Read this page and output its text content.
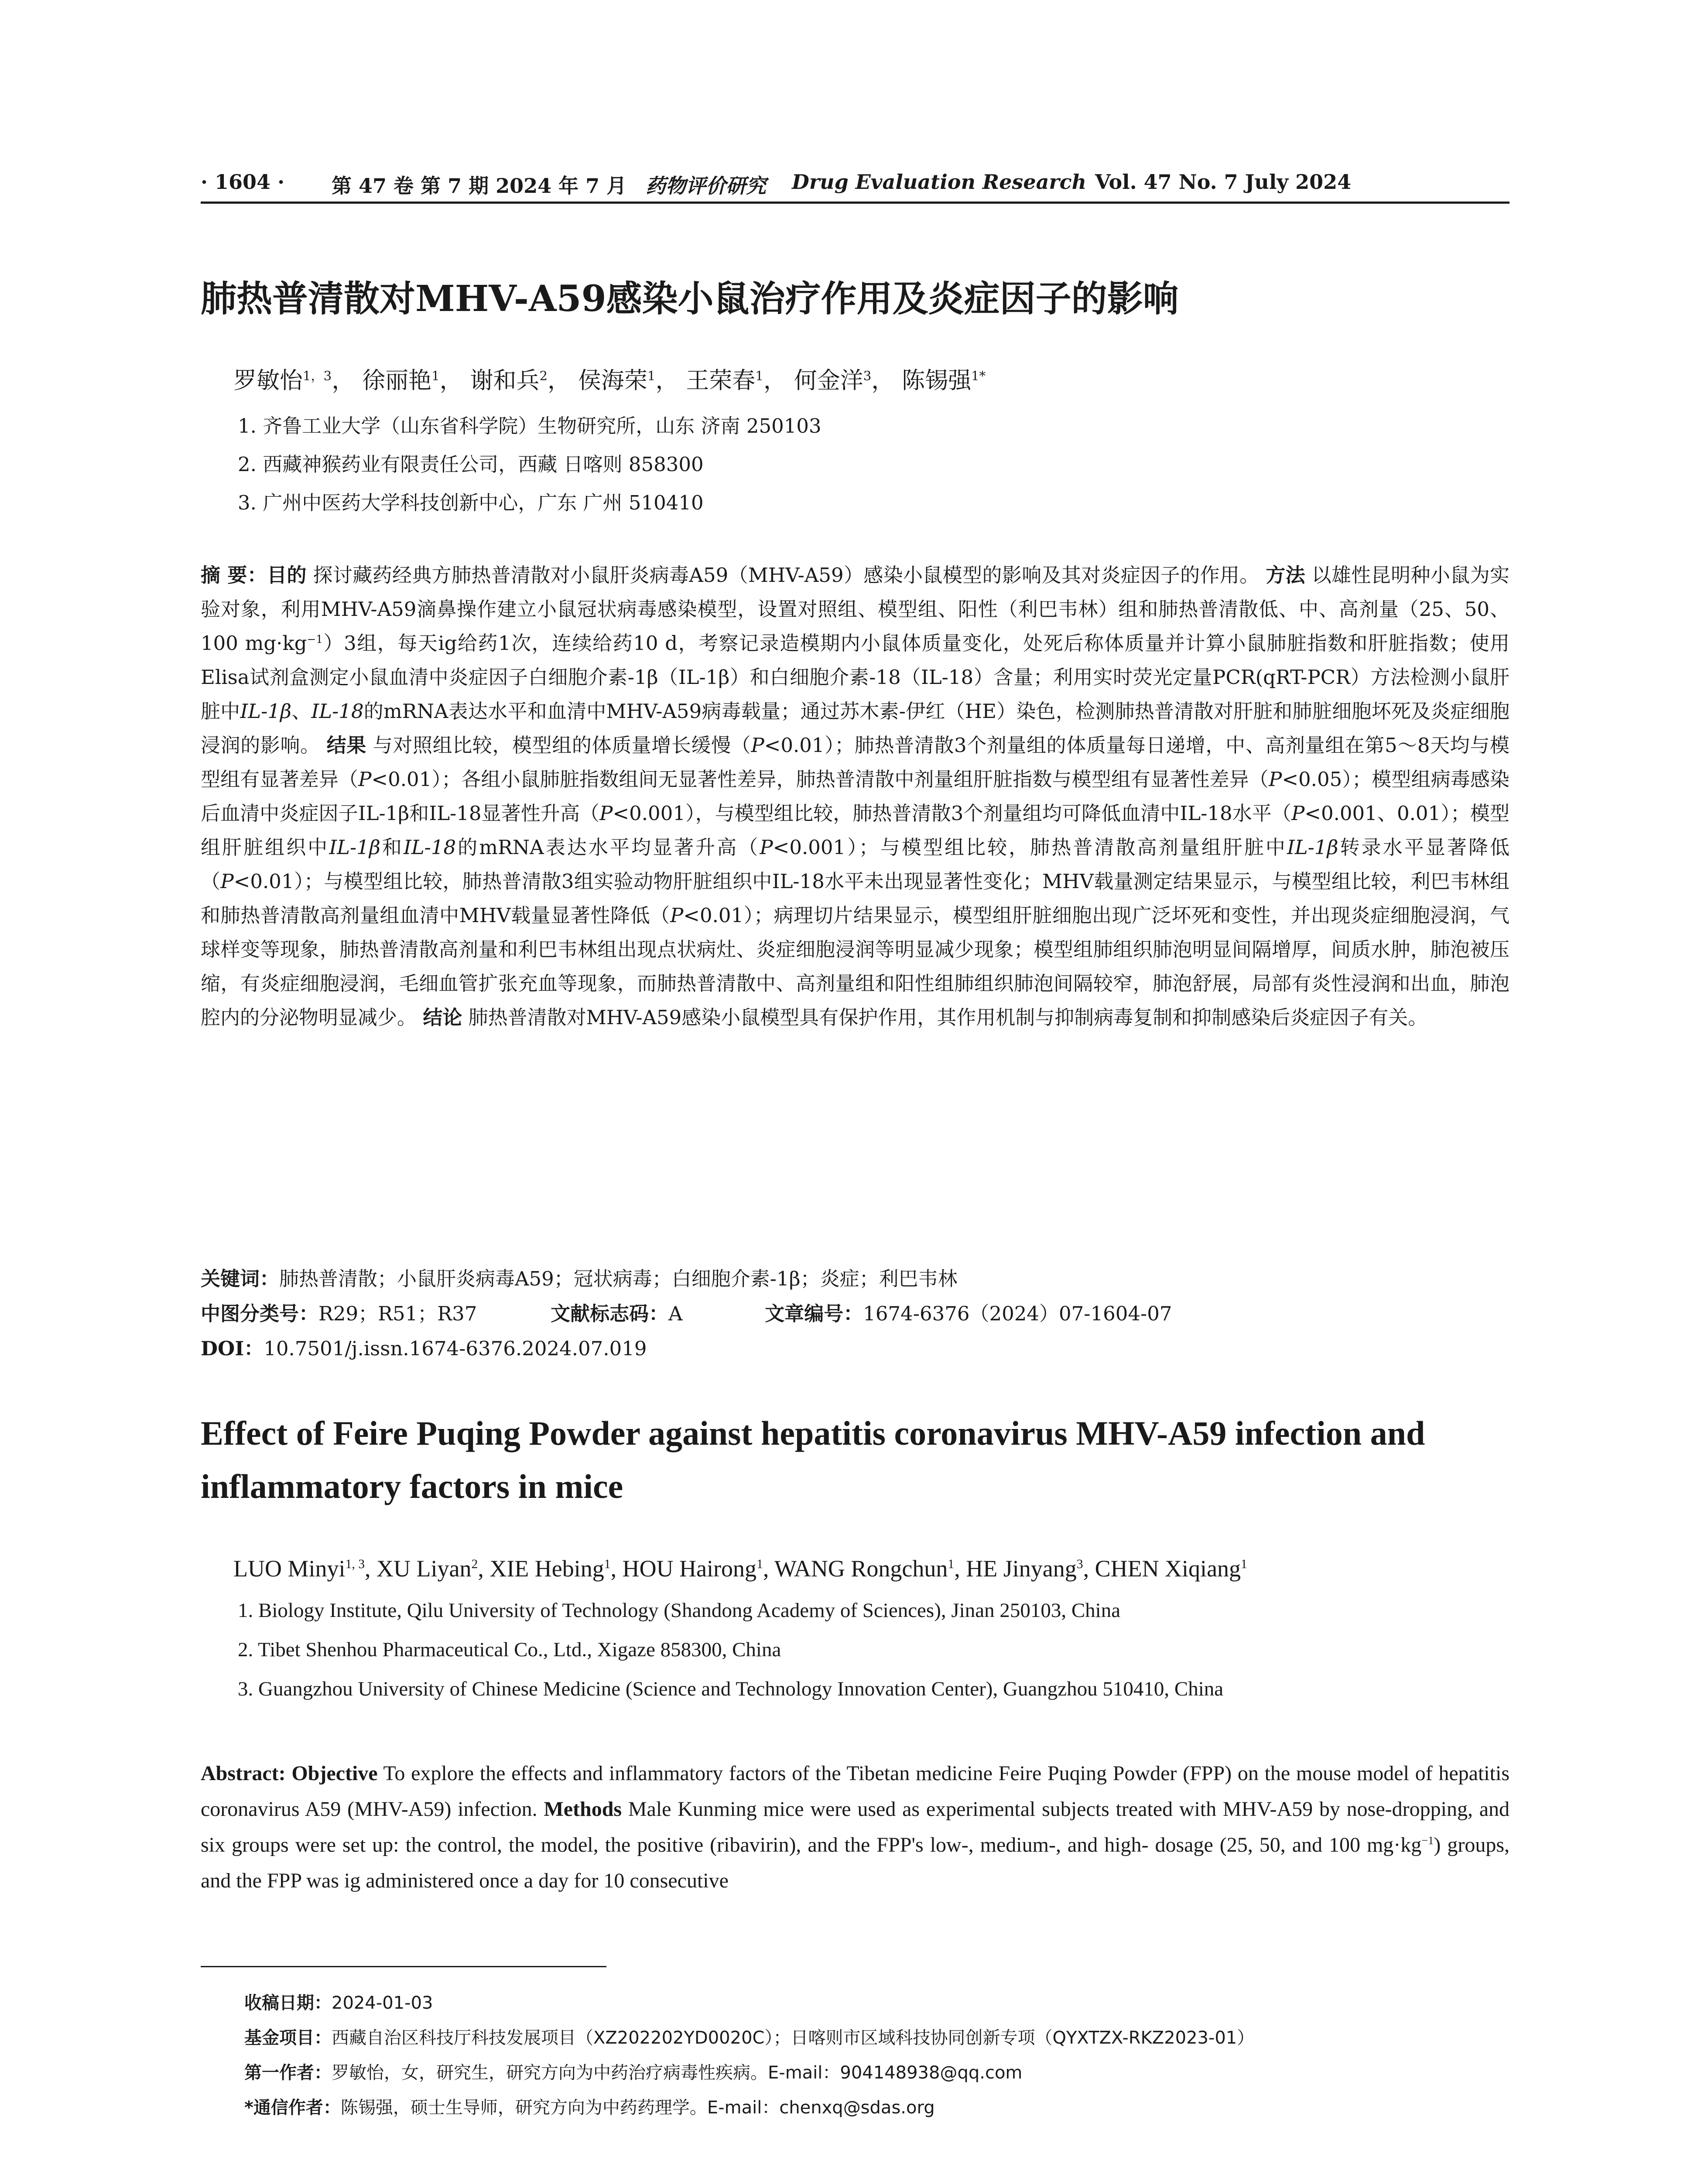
· 1604 · 第 47 卷 第 7 期 2024 年 7 月 药物评价研究 Drug Evaluation Research Vol. 47 No. 7 July 2024
肺热普清散对MHV-A59感染小鼠治疗作用及炎症因子的影响
罗敏怡$^{1,3}$， 徐丽艳$^1$， 谢和兵$^2$， 侯海荣$^1$， 王荣春$^1$， 何金洋$^3$， 陈锡强$^{1*}$
1. 齐鲁工业大学（山东省科学院）生物研究所，山东 济南 250103
2. 西藏神猴药业有限责任公司，西藏 日喀则 858300
3. 广州中医药大学科技创新中心，广东 广州 510410

摘 要：目的 探讨藏药经典方肺热普清散对小鼠肝炎病毒A59（MHV-A59）感染小鼠模型的影响及其对炎症因子的作用。 方法 以雄性昆明种小鼠为实验对象，利用MHV-A59滴鼻操作建立小鼠冠状病毒感染模型，设置对照组、模型组、阳性（利巴韦林）组和肺热普清散低、中、高剂量（25、50、100 $mg\cdot kg^{-1})3$组，每天ig给药1次，连续给药10 d，考察记录造模期内小鼠体质量变化，处死后称体质量并计算小鼠肺脏指数和肝脏指数；使用Elisa试剂盒测定小鼠血清中炎症因子白细胞介素-1β（IL-1β）和白细胞介素-18（IL-18）含量；利用实时荧光定量PCR(qRT-PCR）方法检测小鼠肝脏中IL-1β、IL-18的mRNA表达水平和血清中MHV-A59病毒载量；通过苏木素-伊红（HE）染色，检测肺热普清散对肝脏和肺脏细胞坏死及炎症细胞浸润的影响。 结果 与对照组比较，模型组的体质量增长缓慢（P<0.01）；肺热普清散3个剂量组的体质量每日递增，中、高剂量组在第5～8天均与模型组有显著差异（P<0.01）；各组小鼠肺脏指数组间无显著性差异，肺热普清散中剂量组肝脏指数与模型组有显著性差异（P<0.05）；模型组病毒感染后血清中炎症因子IL-1β和IL-18显著性升高（P<0.001），与模型组比较，肺热普清散3个剂量组均可降低血清中IL-18水平（P<0.001、0.01）；模型组肝脏组织中IL-1β和IL-18的mRNA表达水平均显著升高（P<0.001）；与模型组比较，肺热普清散高剂量组肝脏中IL-1β转录水平显著降低（P<0.01）；与模型组比较，肺热普清散3组实验动物肝脏组织中IL-18水平未出现显著性变化；MHV载量测定结果显示，与模型组比较，利巴韦林组和肺热普清散高剂量组血清中MHV载量显著性降低（P<0.01）；病理切片结果显示，模型组肝脏细胞出现广泛坏死和变性，并出现炎症细胞浸润，气球样变等现象，肺热普清散高剂量和利巴韦林组出现点状病灶、炎症细胞浸润等明显减少现象；模型组肺组织肺泡明显间隔增厚，间质水肿，肺泡被压缩，有炎症细胞浸润，毛细血管扩张充血等现象，而肺热普清散中、高剂量组和阳性组肺组织肺泡间隔较窄，肺泡舒展，局部有炎性浸润和出血，肺泡腔内的分泌物明显减少。 结论 肺热普清散对MHV-A59感染小鼠模型具有保护作用，其作用机制与抑制病毒复制和抑制感染后炎症因子有关。

关键词：肺热普清散；小鼠肝炎病毒A59；冠状病毒；白细胞介素-1β；炎症；利巴韦林
中图分类号：R29；R51；R37	文献标志码：A	文章编号：1674-6376（2024）07-1604-07
DOI：10.7501/j.issn.1674-6376.2024.07.019
Effect of Feire Puqing Powder against hepatitis coronavirus MHV-A59 infection and inflammatory factors in mice
LUO Minyi$^{1, 3}$, XU Liyan$^2$, XIE Hebing$^1$, HOU Hairong$^1$, WANG Rongchun$^1$, HE Jinyang$^3$, CHEN Xiqiang$^1$
1. Biology Institute, Qilu University of Technology (Shandong Academy of Sciences), Jinan 250103, China
2. Tibet Shenhou Pharmaceutical Co., Ltd., Xigaze 858300, China
3. Guangzhou University of Chinese Medicine (Science and Technology Innovation Center), Guangzhou 510410, China

Abstract: Objective To explore the effects and inflammatory factors of the Tibetan medicine Feire Puqing Powder (FPP) on the mouse model of hepatitis coronavirus A59 (MHV-A59) infection. Methods Male Kunming mice were used as experimental subjects treated with MHV-A59 by nose-dropping, and six groups were set up: the control, the model, the positive (ribavirin), and the FPP's low-, medium-, and high- dosage (25, 50, and 100 $mg\cdot kg^{-1}$) groups, and the FPP was ig administered once a day for 10 consecutive

收稿日期：2024-01-03
基金项目：西藏自治区科技厅科技发展项目（XZ202202YD0020C）；日喀则市区域科技协同创新专项（QYXTZX-RKZ2023-01）
第一作者：罗敏怡，女，研究生，研究方向为中药治疗病毒性疾病。E-mail：904148938@qq.com
*通信作者：陈锡强，硕士生导师，研究方向为中药药理学。E-mail：chenxq@sdas.org
